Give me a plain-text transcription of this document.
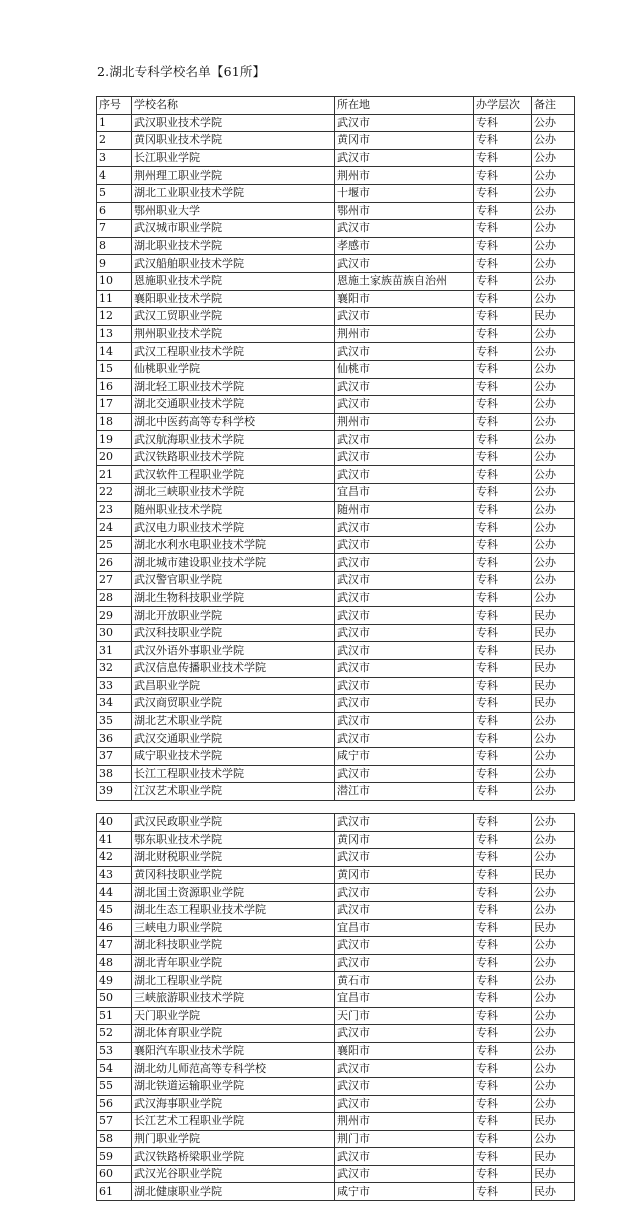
2.湖北专科学校名单【61所】
序号	学校名称	所在地	办学层次	备注
1	武汉职业技术学院	武汉市	专科	公办
2	黄冈职业技术学院	黄冈市	专科	公办
3	长江职业学院	武汉市	专科	公办
4	荆州理工职业学院	荆州市	专科	公办
5	湖北工业职业技术学院	十堰市	专科	公办
6	鄂州职业大学	鄂州市	专科	公办
7	武汉城市职业学院	武汉市	专科	公办
8	湖北职业技术学院	孝感市	专科	公办
9	武汉船舶职业技术学院	武汉市	专科	公办
10	恩施职业技术学院	恩施土家族苗族自治州	专科	公办
11	襄阳职业技术学院	襄阳市	专科	公办
12	武汉工贸职业学院	武汉市	专科	民办
13	荆州职业技术学院	荆州市	专科	公办
14	武汉工程职业技术学院	武汉市	专科	公办
15	仙桃职业学院	仙桃市	专科	公办
16	湖北轻工职业技术学院	武汉市	专科	公办
17	湖北交通职业技术学院	武汉市	专科	公办
18	湖北中医药高等专科学校	荆州市	专科	公办
19	武汉航海职业技术学院	武汉市	专科	公办
20	武汉铁路职业技术学院	武汉市	专科	公办
21	武汉软件工程职业学院	武汉市	专科	公办
22	湖北三峡职业技术学院	宜昌市	专科	公办
23	随州职业技术学院	随州市	专科	公办
24	武汉电力职业技术学院	武汉市	专科	公办
25	湖北水利水电职业技术学院	武汉市	专科	公办
26	湖北城市建设职业技术学院	武汉市	专科	公办
27	武汉警官职业学院	武汉市	专科	公办
28	湖北生物科技职业学院	武汉市	专科	公办
29	湖北开放职业学院	武汉市	专科	民办
30	武汉科技职业学院	武汉市	专科	民办
31	武汉外语外事职业学院	武汉市	专科	民办
32	武汉信息传播职业技术学院	武汉市	专科	民办
33	武昌职业学院	武汉市	专科	民办
34	武汉商贸职业学院	武汉市	专科	民办
35	湖北艺术职业学院	武汉市	专科	公办
36	武汉交通职业学院	武汉市	专科	公办
37	咸宁职业技术学院	咸宁市	专科	公办
38	长江工程职业技术学院	武汉市	专科	公办
39	江汉艺术职业学院	潜江市	专科	公办
40	武汉民政职业学院	武汉市	专科	公办
41	鄂东职业技术学院	黄冈市	专科	公办
42	湖北财税职业学院	武汉市	专科	公办
43	黄冈科技职业学院	黄冈市	专科	民办
44	湖北国土资源职业学院	武汉市	专科	公办
45	湖北生态工程职业技术学院	武汉市	专科	公办
46	三峡电力职业学院	宜昌市	专科	民办
47	湖北科技职业学院	武汉市	专科	公办
48	湖北青年职业学院	武汉市	专科	公办
49	湖北工程职业学院	黄石市	专科	公办
50	三峡旅游职业技术学院	宜昌市	专科	公办
51	天门职业学院	天门市	专科	公办
52	湖北体育职业学院	武汉市	专科	公办
53	襄阳汽车职业技术学院	襄阳市	专科	公办
54	湖北幼儿师范高等专科学校	武汉市	专科	公办
55	湖北铁道运输职业学院	武汉市	专科	公办
56	武汉海事职业学院	武汉市	专科	公办
57	长江艺术工程职业学院	荆州市	专科	民办
58	荆门职业学院	荆门市	专科	公办
59	武汉铁路桥梁职业学院	武汉市	专科	民办
60	武汉光谷职业学院	武汉市	专科	民办
61	湖北健康职业学院	咸宁市	专科	民办
